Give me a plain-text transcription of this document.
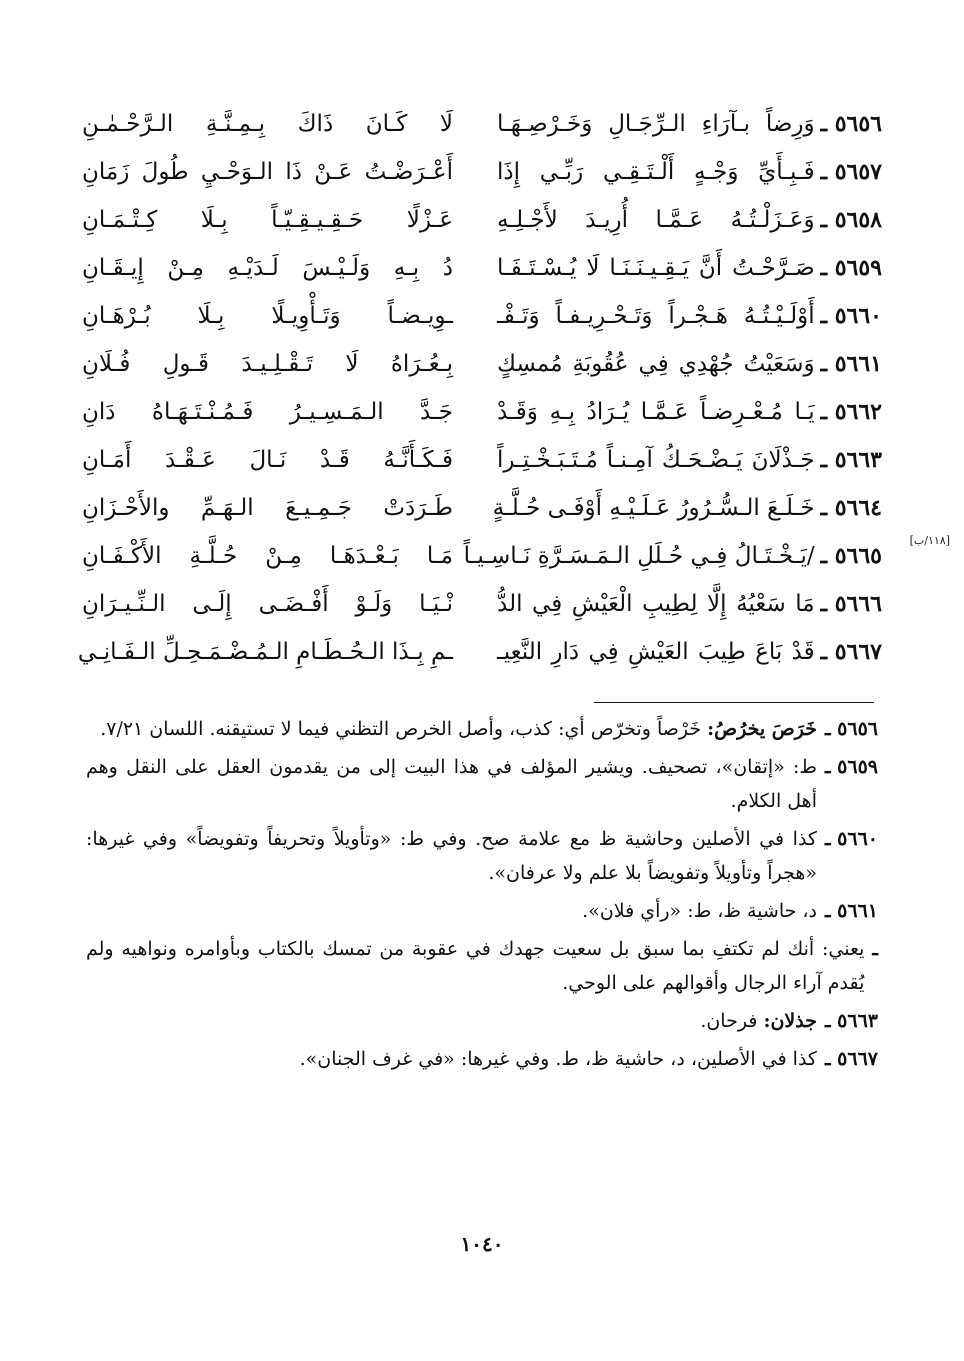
٥٦٥٦ ـ
وَرِضاً بـآرَاءِ الـرِّجَـالِ وَخَـرْصِـهَـا
لَا كَـانَ ذَاكَ بِـمِـنَّـةِ الـرَّحْـمٰـنِ
٥٦٥٧ ـ
فَـبِـأَيِّ وَجْـهٍ أَلْـتَـقِـي رَبِّـي إِذَا
أَعْـرَضْـتُ عَـنْ ذَا الـوَحْـيِ طُولَ زَمَانِ
٥٦٥٨ ـ
وَعَـزَلْـتُـهُ عَـمَّـا أُرِيـدَ لأَجْـلِـهِ
عَـزْلًا حَـقِـيـقِـيّـاً بِـلَا كِـتْـمَـانِ
٥٦٥٩ ـ
صَـرَّحْـتُ أَنَّ يَـقِـيـنَـنَـا لَا يُـسْـتَـفَـا
دُ بِـهِ وَلَـيْـسَ لَـدَيْـهِ مِـنْ إِيـقَـانِ
٥٦٦٠ ـ
أَوْلَـيْـتُـهُ هَـجْـراً وَتَـحْـرِيـفـاً وَتَـفْـ
ـوِيـضـاً وَتَـأْوِيـلًا بِـلَا بُـرْهَـانِ
٥٦٦١ ـ
وَسَعَيْتُ جُهْدِي فِي عُقُوبَةِ مُمسِكٍ
بِـعُـرَاهُ لَا تَـقْـلِـيـدَ قَـولِ فُـلَانِ
٥٦٦٢ ـ
يَـا مُـعْـرِضـاً عَـمَّـا يُـرَادُ بِـهِ وَقَـدْ
جَـدَّ الـمَـسِـيـرُ فَـمُـنْـتَـهَـاهُ دَانِ
٥٦٦٣ ـ
جَـذْلَانَ يَـضْـحَـكُ آمِـنـاً مُـتَـبَـخْـتِـراً
فَـكَـأَنَّـهُ قَـدْ نَـالَ عَـقْـدَ أَمَـانِ
٥٦٦٤ ـ
خَـلَـعَ الـسُّـرُورُ عَـلَـيْـهِ أَوْفَـى حُـلَّـةٍ
طَـرَدَتْ جَـمِـيـعَ الـهَـمِّ والأَحْـزَانِ
[١١٨/ب]
٥٦٦٥ ـ
/يَـخْـتَـالُ فِـي حُـلَلِ الـمَـسَـرَّةِ نَـاسِـيـاً
مَـا بَـعْـدَهَـا مِـنْ حُـلَّـةِ الأَكْـفَـانِ
٥٦٦٦ ـ
مَا سَعْيُهُ إِلَّا لِطِيبِ الْعَيْشِ فِي الدُّ
نْـيَـا وَلَـوْ أَفْـضَـى إِلَـى الـنِّـيـرَانِ
٥٦٦٧ ـ
قَدْ بَاعَ طِيبَ العَيْشِ فِي دَارِ النَّعِيـ
ـمِ بِـذَا الـحُـطَـامِ الـمُـضْـمَـحِـلِّ الـفَـانِـي
٥٦٥٦ ـ
خَرَصَ يخرُصُ: خَرْصاً وتخرّص أي: كذب، وأصل الخرص التظني فيما لا تستيقنه. اللسان ٧/٢١.
٥٦٥٩ ـ
ط: «إتقان»، تصحيف. ويشير المؤلف في هذا البيت إلى من يقدمون العقل على النقل وهم أهل الكلام.
٥٦٦٠ ـ
كذا في الأصلين وحاشية ظ مع علامة صح. وفي ط: «وتأويلاً وتحريفاً وتفويضاً» وفي غيرها: «هجراً وتأويلاً وتفويضاً بلا علم ولا عرفان».
٥٦٦١ ـ
د، حاشية ظ، ط: «رأي فلان».
ـ
يعني: أنك لم تكتفِ بما سبق بل سعيت جهدك في عقوبة من تمسك بالكتاب وبأوامره ونواهيه ولم يُقدم آراء الرجال وأقوالهم على الوحي.
٥٦٦٣ ـ
جذلان: فرحان.
٥٦٦٧ ـ
كذا في الأصلين، د، حاشية ظ، ط. وفي غيرها: «في غرف الجنان».
١٠٤٠
